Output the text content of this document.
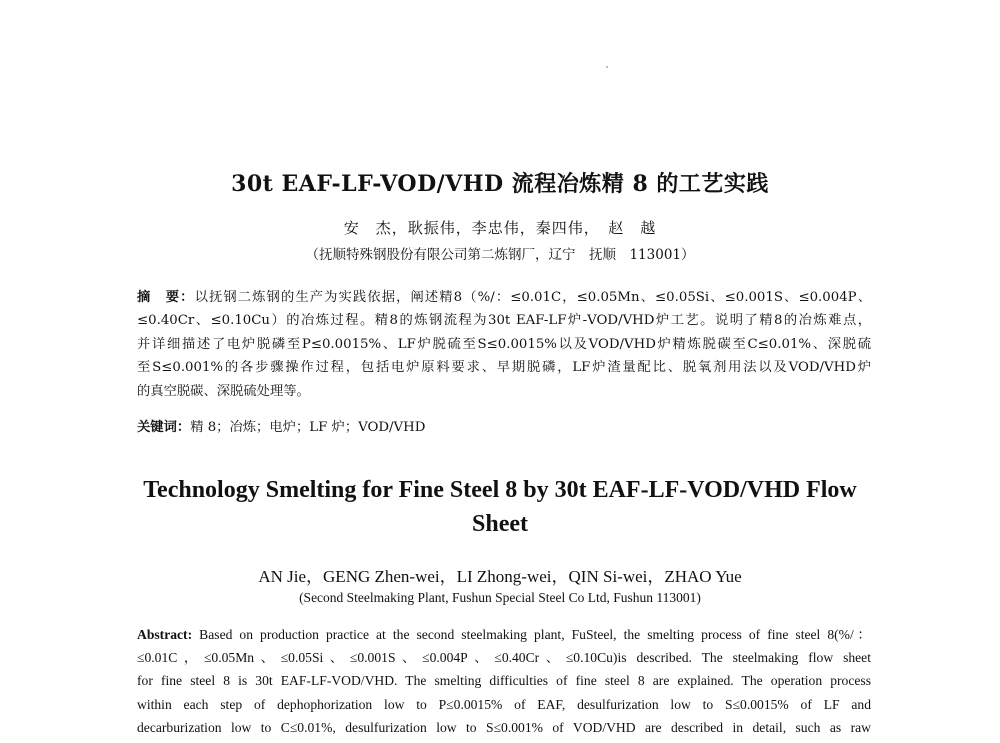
30t EAF-LF-VOD/VHD 流程冶炼精 8 的工艺实践
安　杰，耿振伟，李忠伟，秦四伟，　赵　越
（抚顺特殊钢股份有限公司第二炼钢厂，辽宁　抚顺　113001）
摘　要：以抚钢二炼钢的生产为实践依据，阐述精8（%/：≤0.01C，≤0.05Mn、≤0.05Si、≤0.001S、≤0.004P、
≤0.40Cr、≤0.10Cu）的冶炼过程。精8的炼钢流程为30t EAF-LF炉-VOD/VHD炉工艺。说明了精8的冶炼难点，
并详细描述了电炉脱磷至P≤0.0015%、LF炉脱硫至S≤0.0015%以及VOD/VHD炉精炼脱碳至C≤0.01%、深脱硫
至S≤0.001%的各步骤操作过程，包括电炉原料要求、早期脱磷，LF炉渣量配比、脱氧剂用法以及VOD/VHD炉
的真空脱碳、深脱硫处理等。
关键词：精 8；冶炼；电炉；LF 炉；VOD/VHD
Technology Smelting for Fine Steel 8 by 30t EAF-LF-VOD/VHD Flow
Sheet
AN Jie，GENG Zhen-wei，LI Zhong-wei，QIN Si-wei，ZHAO Yue
(Second Steelmaking Plant, Fushun Special Steel Co Ltd, Fushun 113001)
Abstract: Based on production practice at the second steelmaking plant, FuSteel, the smelting process of fine steel 8(%/：
≤0.01C，≤0.05Mn、≤0.05Si、≤0.001S、≤0.004P、≤0.40Cr、≤0.10Cu)is described. The steelmaking flow sheet
for fine steel 8 is 30t EAF-LF-VOD/VHD. The smelting difficulties of fine steel 8 are explained. The operation process
within each step of dephophorization low to P≤0.0015% of EAF, desulfurization low to S≤0.0015% of LF and
decarburization low to C≤0.01%, desulfurization low to S≤0.001% of VOD/VHD are described in detail, such as raw
